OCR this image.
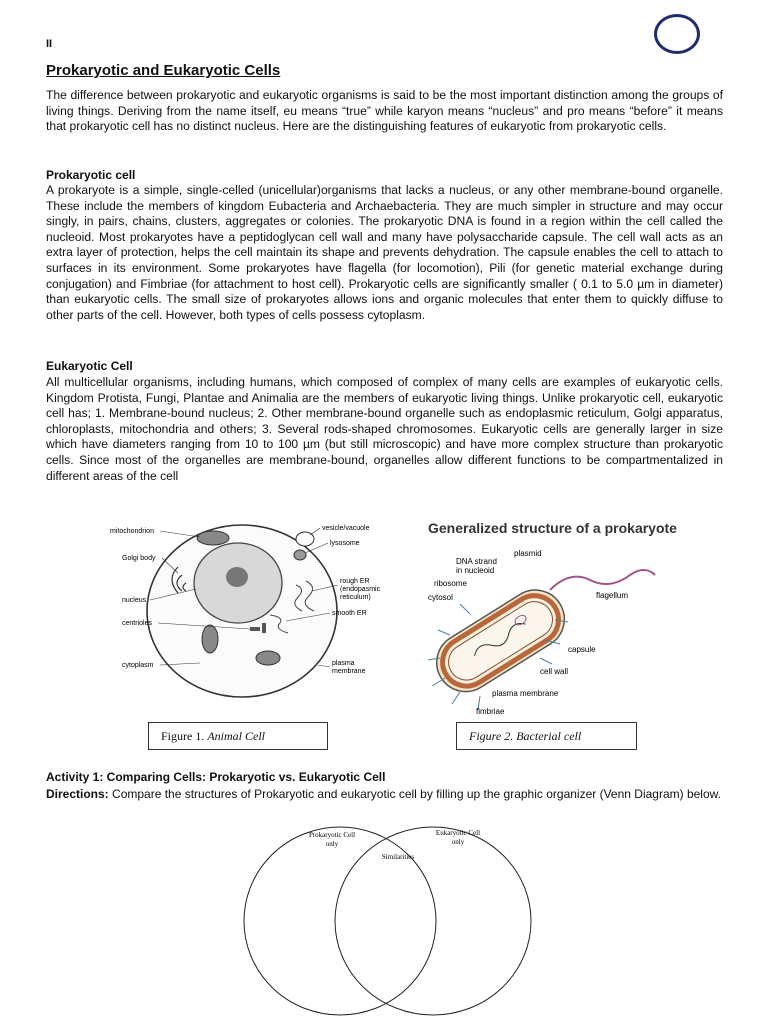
II
Prokaryotic and Eukaryotic Cells

The difference between prokaryotic and eukaryotic organisms is said to be the most important distinction among the groups of living things. Deriving from the name itself, eu means “true” while karyon means “nucleus” and pro means “before” it means that prokaryotic cell has no distinct nucleus. Here are the distinguishing features of eukaryotic from prokaryotic cells.

Prokaryotic cell

A prokaryote is a simple, single-celled (unicellular)organisms that lacks a nucleus, or any other membrane-bound organelle. These include the members of kingdom Eubacteria and Archaebacteria. They are much simpler in structure and may occur singly, in pairs, chains, clusters, aggregates or colonies. The prokaryotic DNA is found in a region within the cell called the nucleoid. Most prokaryotes have a peptidoglycan cell wall and many have polysaccharide capsule. The cell wall acts as an extra layer of protection, helps the cell maintain its shape and prevents dehydration. The capsule enables the cell to attach to surfaces in its environment. Some prokaryotes have flagella (for locomotion), Pili (for genetic material exchange during conjugation) and Fimbriae (for attachment to host cell). Prokaryotic cells are significantly smaller ( 0.1 to 5.0 µm in diameter) than eukaryotic cells. The small size of prokaryotes allows ions and organic molecules that enter them to quickly diffuse to other parts of the cell. However, both types of cells possess cytoplasm.

Eukaryotic Cell

All multicellular organisms, including humans, which composed of complex of many cells are examples of eukaryotic cells. Kingdom Protista, Fungi, Plantae and Animalia are the members of eukaryotic living things. Unlike prokaryotic cell, eukaryotic cell has; 1. Membrane-bound nucleus; 2. Other membrane-bound organelle such as endoplasmic reticulum, Golgi apparatus, chloroplasts, mitochondria and others; 3. Several rods-shaped chromosomes. Eukaryotic cells are generally larger in size which have diameters ranging from 10 to 100 µm (but still microscopic) and have more complex structure than prokaryotic cells. Since most of the organelles are membrane-bound, organelles allow different functions to be compartmentalized in different areas of the cell

mitochondrion
Golgi body
nucleus
centrioles
cytoplasm
vesicle/vacuole
lysosome
rough ER
(endopasmic
reticulum)
smooth ER
plasma
membrane
Figure 1. Animal Cell
Generalized structure of a prokaryote
DNA strand
in nucleoid
plasmid
ribosome
cytosol	flagellum
capsule
cell wall
plasma membrane
fimbriae
Figure 2. Bacterial cell
Activity 1: Comparing Cells: Prokaryotic vs. Eukaryotic Cell

Directions: Compare the structures of Prokaryotic and eukaryotic cell by filling up the graphic organizer (Venn Diagram) below.

Prokaryotic Cell
only
Eukaryotic Cell
only
Similarities
